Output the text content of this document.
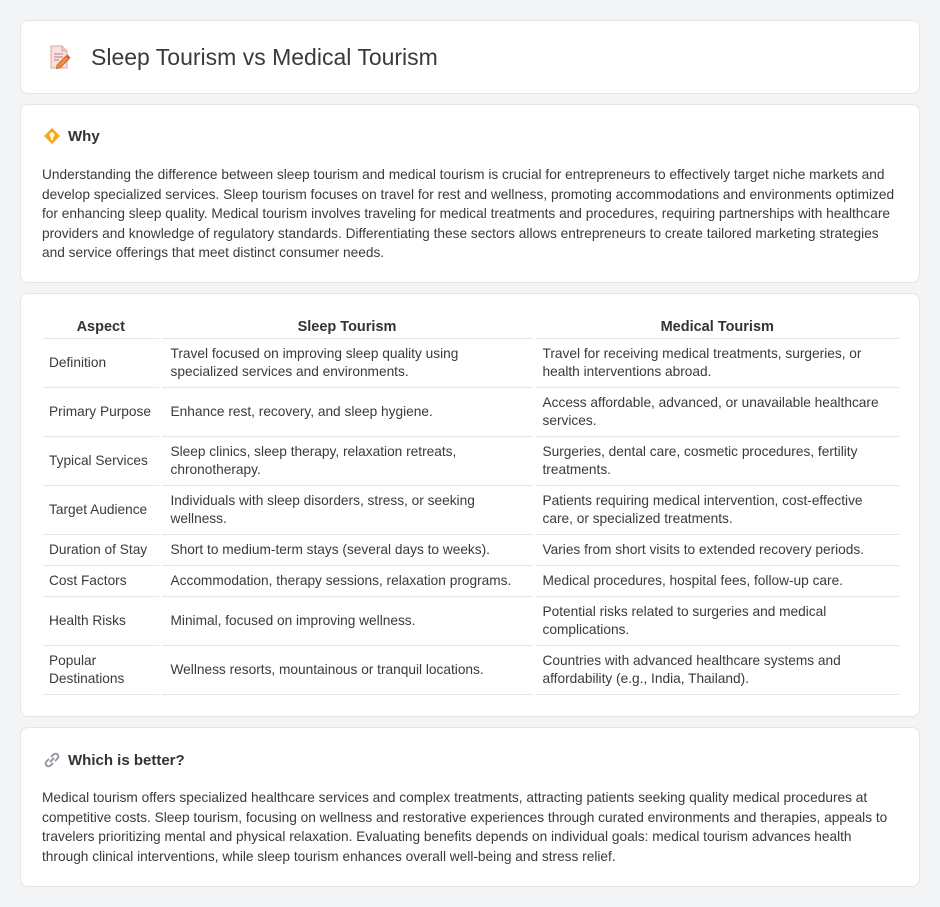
Sleep Tourism vs Medical Tourism
Why

Understanding the difference between sleep tourism and medical tourism is crucial for entrepreneurs to effectively target niche markets and develop specialized services. Sleep tourism focuses on travel for rest and wellness, promoting accommodations and environments optimized for enhancing sleep quality. Medical tourism involves traveling for medical treatments and procedures, requiring partnerships with healthcare providers and knowledge of regulatory standards. Differentiating these sectors allows entrepreneurs to create tailored marketing strategies and service offerings that meet distinct consumer needs.

Aspect	Sleep Tourism	Medical Tourism
Definition	Travel focused on improving sleep quality using specialized services and environments.	Travel for receiving medical treatments, surgeries, or health interventions abroad.
Primary Purpose	Enhance rest, recovery, and sleep hygiene.	Access affordable, advanced, or unavailable healthcare services.
Typical Services	Sleep clinics, sleep therapy, relaxation retreats, chronotherapy.	Surgeries, dental care, cosmetic procedures, fertility treatments.
Target Audience	Individuals with sleep disorders, stress, or seeking wellness.	Patients requiring medical intervention, cost-effective care, or specialized treatments.
Duration of Stay	Short to medium-term stays (several days to weeks).	Varies from short visits to extended recovery periods.
Cost Factors	Accommodation, therapy sessions, relaxation programs.	Medical procedures, hospital fees, follow-up care.
Health Risks	Minimal, focused on improving wellness.	Potential risks related to surgeries and medical complications.
Popular Destinations	Wellness resorts, mountainous or tranquil locations.	Countries with advanced healthcare systems and affordability (e.g., India, Thailand).
Which is better?

Medical tourism offers specialized healthcare services and complex treatments, attracting patients seeking quality medical procedures at competitive costs. Sleep tourism, focusing on wellness and restorative experiences through curated environments and therapies, appeals to travelers prioritizing mental and physical relaxation. Evaluating benefits depends on individual goals: medical tourism advances health through clinical interventions, while sleep tourism enhances overall well-being and stress relief.
